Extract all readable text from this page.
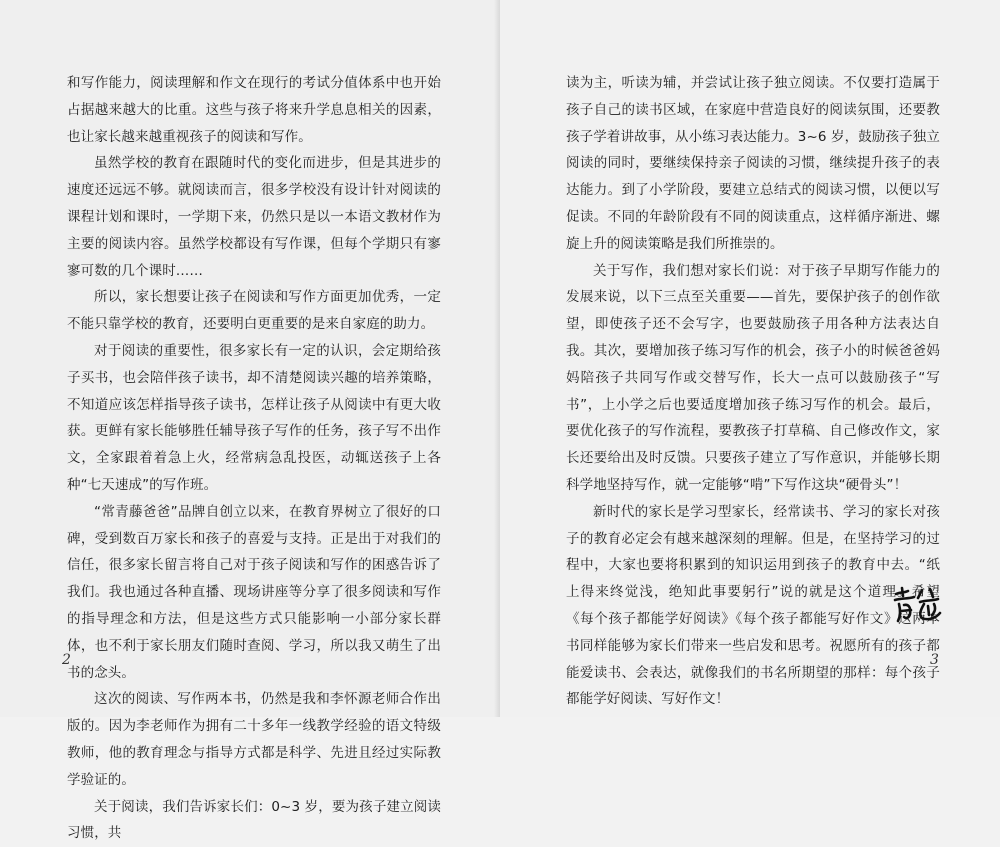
和写作能力，阅读理解和作文在现行的考试分值体系中也开始占据越来越大的比重。这些与孩子将来升学息息相关的因素，也让家长越来越重视孩子的阅读和写作。

虽然学校的教育在跟随时代的变化而进步，但是其进步的速度还远远不够。就阅读而言，很多学校没有设计针对阅读的课程计划和课时，一学期下来，仍然只是以一本语文教材作为主要的阅读内容。虽然学校都设有写作课，但每个学期只有寥寥可数的几个课时……

所以，家长想要让孩子在阅读和写作方面更加优秀，一定不能只靠学校的教育，还要明白更重要的是来自家庭的助力。

对于阅读的重要性，很多家长有一定的认识，会定期给孩子买书，也会陪伴孩子读书，却不清楚阅读兴趣的培养策略，不知道应该怎样指导孩子读书，怎样让孩子从阅读中有更大收获。更鲜有家长能够胜任辅导孩子写作的任务，孩子写不出作文，全家跟着着急上火，经常病急乱投医，动辄送孩子上各种“七天速成”的写作班。

“常青藤爸爸”品牌自创立以来，在教育界树立了很好的口碑，受到数百万家长和孩子的喜爱与支持。正是出于对我们的信任，很多家长留言将自己对于孩子阅读和写作的困惑告诉了我们。我也通过各种直播、现场讲座等分享了很多阅读和写作的指导理念和方法，但是这些方式只能影响一小部分家长群体，也不利于家长朋友们随时查阅、学习，所以我又萌生了出书的念头。

这次的阅读、写作两本书，仍然是我和李怀源老师合作出版的。因为李老师作为拥有二十多年一线教学经验的语文特级教师，他的教育理念与指导方式都是科学、先进且经过实际教学验证的。

关于阅读，我们告诉家长们：0~3 岁，要为孩子建立阅读习惯，共

2

读为主，听读为辅，并尝试让孩子独立阅读。不仅要打造属于孩子自己的读书区域，在家庭中营造良好的阅读氛围，还要教孩子学着讲故事，从小练习表达能力。3~6 岁，鼓励孩子独立阅读的同时，要继续保持亲子阅读的习惯，继续提升孩子的表达能力。到了小学阶段，要建立总结式的阅读习惯，以便以写促读。不同的年龄阶段有不同的阅读重点，这样循序渐进、螺旋上升的阅读策略是我们所推崇的。

关于写作，我们想对家长们说：对于孩子早期写作能力的发展来说，以下三点至关重要——首先，要保护孩子的创作欲望，即使孩子还不会写字，也要鼓励孩子用各种方法表达自我。其次，要增加孩子练习写作的机会，孩子小的时候爸爸妈妈陪孩子共同写作或交替写作，长大一点可以鼓励孩子“写书”，上小学之后也要适度增加孩子练习写作的机会。最后，要优化孩子的写作流程，要教孩子打草稿、自己修改作文，家长还要给出及时反馈。只要孩子建立了写作意识，并能够长期科学地坚持写作，就一定能够“啃”下写作这块“硬骨头”！

新时代的家长是学习型家长，经常读书、学习的家长对孩子的教育必定会有越来越深刻的理解。但是，在坚持学习的过程中，大家也要将积累到的知识运用到孩子的教育中去。“纸上得来终觉浅，绝知此事要躬行”说的就是这个道理。希望《每个孩子都能学好阅读》《每个孩子都能写好作文》这两本书同样能够为家长们带来一些启发和思考。祝愿所有的孩子都能爱读书、会表达，就像我们的书名所期望的那样：每个孩子都能学好阅读、写好作文！

3
